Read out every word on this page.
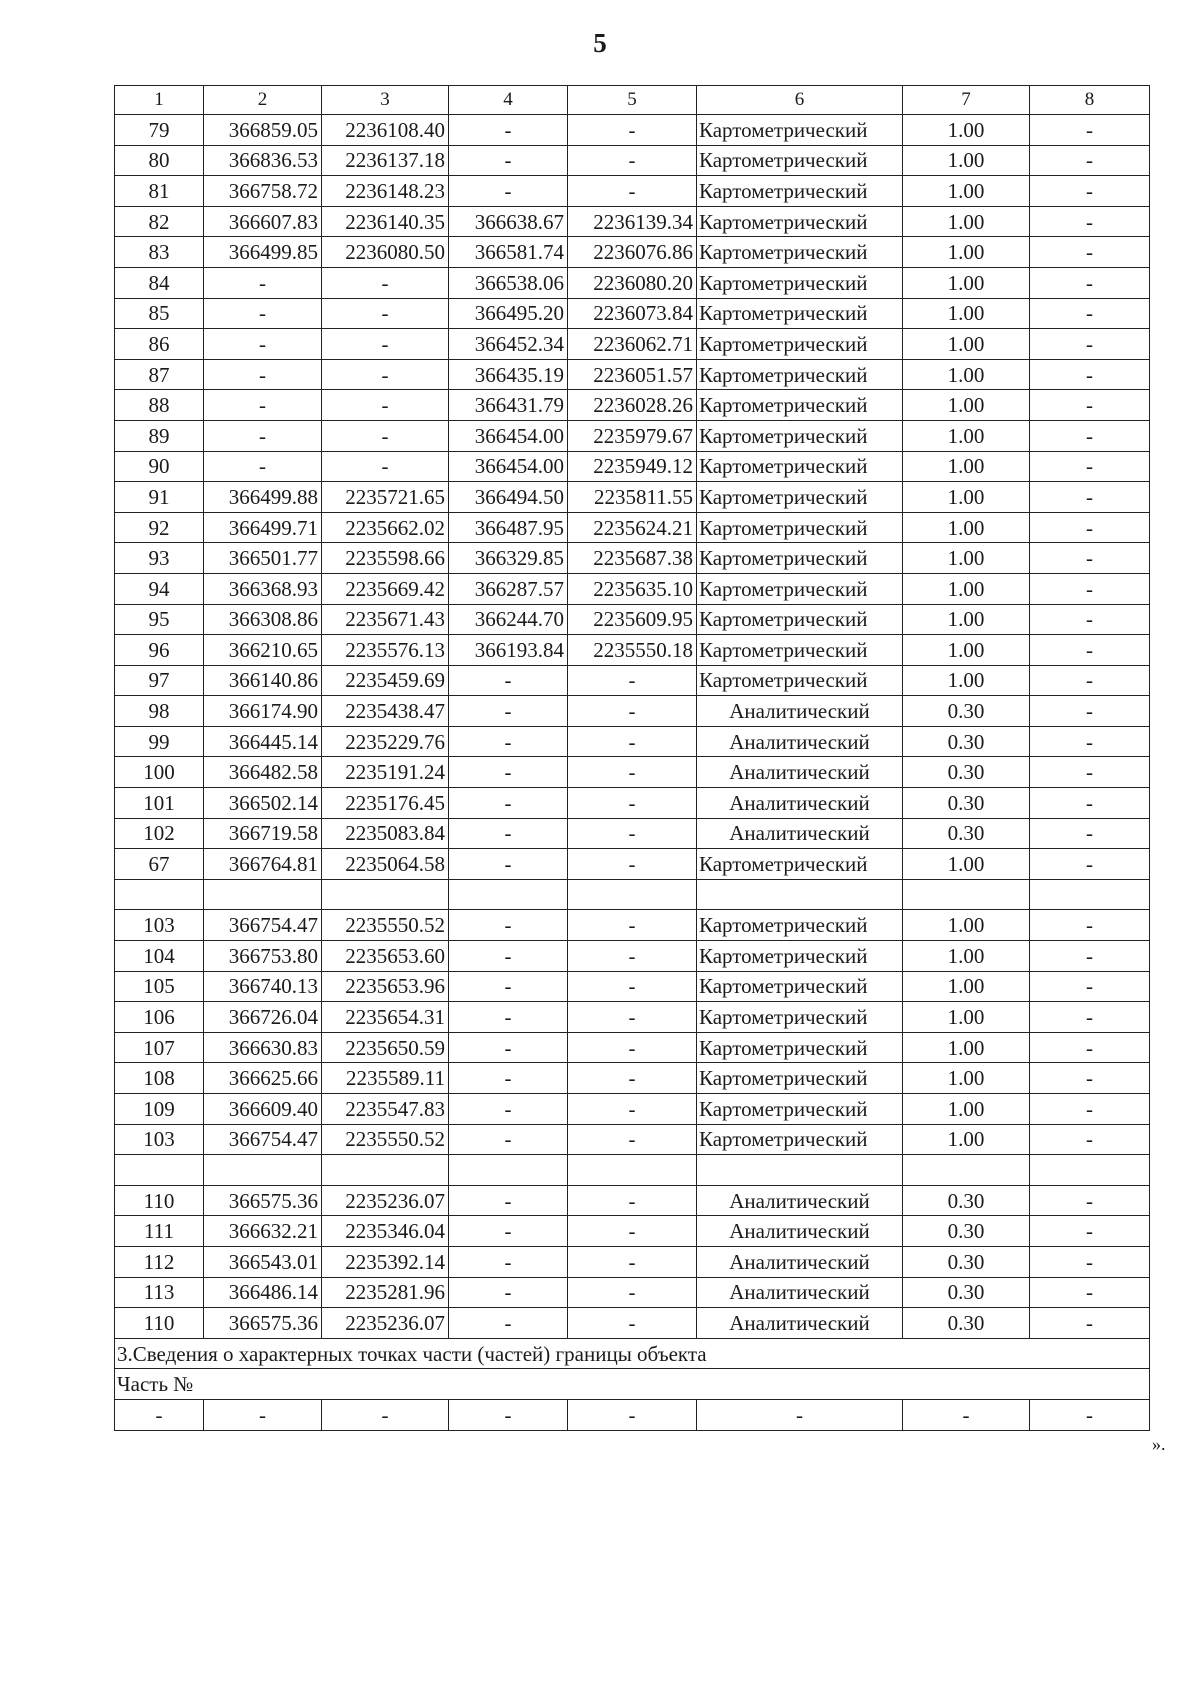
5
1	2	3	4	5	6	7	8
79	366859.05	2236108.40	-	-	Картометрический	1.00	-
80	366836.53	2236137.18	-	-	Картометрический	1.00	-
81	366758.72	2236148.23	-	-	Картометрический	1.00	-
82	366607.83	2236140.35	366638.67	2236139.34	Картометрический	1.00	-
83	366499.85	2236080.50	366581.74	2236076.86	Картометрический	1.00	-
84	-	-	366538.06	2236080.20	Картометрический	1.00	-
85	-	-	366495.20	2236073.84	Картометрический	1.00	-
86	-	-	366452.34	2236062.71	Картометрический	1.00	-
87	-	-	366435.19	2236051.57	Картометрический	1.00	-
88	-	-	366431.79	2236028.26	Картометрический	1.00	-
89	-	-	366454.00	2235979.67	Картометрический	1.00	-
90	-	-	366454.00	2235949.12	Картометрический	1.00	-
91	366499.88	2235721.65	366494.50	2235811.55	Картометрический	1.00	-
92	366499.71	2235662.02	366487.95	2235624.21	Картометрический	1.00	-
93	366501.77	2235598.66	366329.85	2235687.38	Картометрический	1.00	-
94	366368.93	2235669.42	366287.57	2235635.10	Картометрический	1.00	-
95	366308.86	2235671.43	366244.70	2235609.95	Картометрический	1.00	-
96	366210.65	2235576.13	366193.84	2235550.18	Картометрический	1.00	-
97	366140.86	2235459.69	-	-	Картометрический	1.00	-
98	366174.90	2235438.47	-	-	Аналитический	0.30	-
99	366445.14	2235229.76	-	-	Аналитический	0.30	-
100	366482.58	2235191.24	-	-	Аналитический	0.30	-
101	366502.14	2235176.45	-	-	Аналитический	0.30	-
102	366719.58	2235083.84	-	-	Аналитический	0.30	-
67	366764.81	2235064.58	-	-	Картометрический	1.00	-

103	366754.47	2235550.52	-	-	Картометрический	1.00	-
104	366753.80	2235653.60	-	-	Картометрический	1.00	-
105	366740.13	2235653.96	-	-	Картометрический	1.00	-
106	366726.04	2235654.31	-	-	Картометрический	1.00	-
107	366630.83	2235650.59	-	-	Картометрический	1.00	-
108	366625.66	2235589.11	-	-	Картометрический	1.00	-
109	366609.40	2235547.83	-	-	Картометрический	1.00	-
103	366754.47	2235550.52	-	-	Картометрический	1.00	-

110	366575.36	2235236.07	-	-	Аналитический	0.30	-
111	366632.21	2235346.04	-	-	Аналитический	0.30	-
112	366543.01	2235392.14	-	-	Аналитический	0.30	-
113	366486.14	2235281.96	-	-	Аналитический	0.30	-
110	366575.36	2235236.07	-	-	Аналитический	0.30	-
3.Сведения о характерных точках части (частей) границы объекта							
Часть №							
-	-	-	-	-	-	-	-
».
